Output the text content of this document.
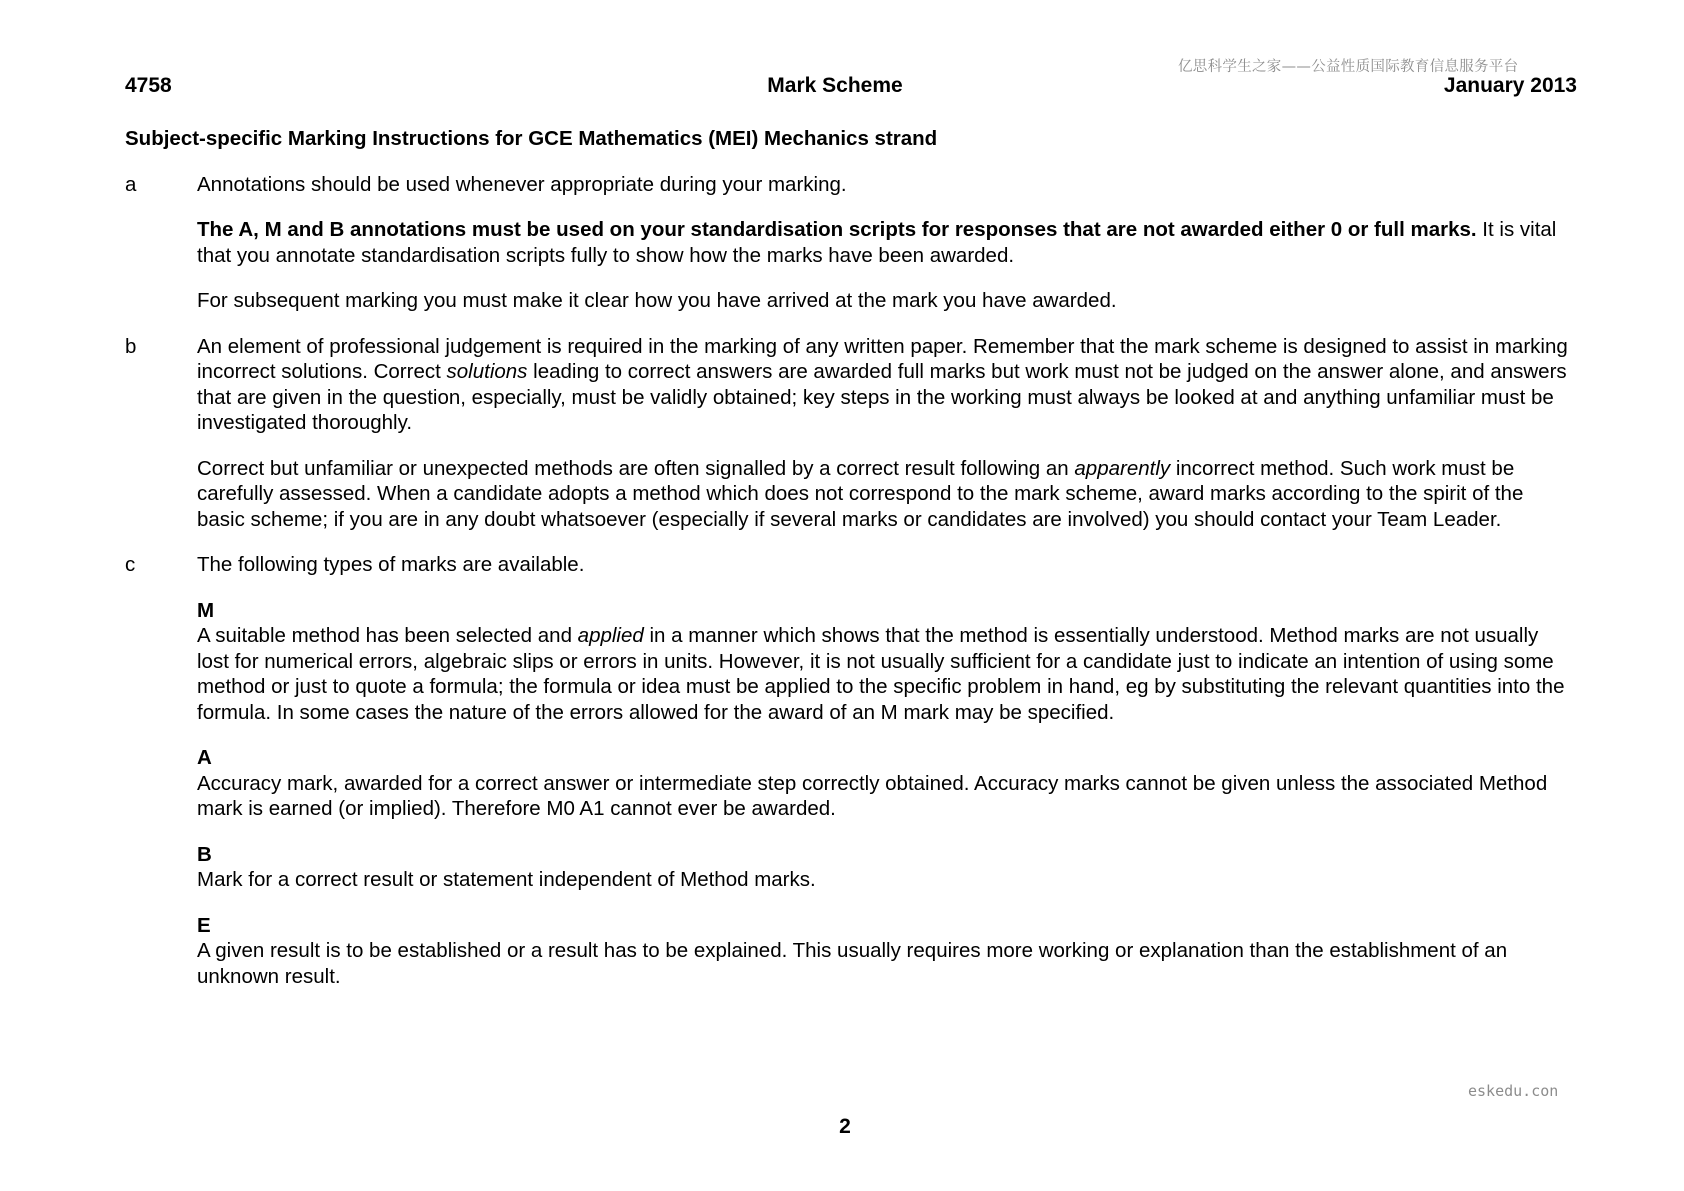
亿思科学生之家——公益性质国际教育信息服务平台
4758	Mark Scheme	January 2013
Subject-specific Marking Instructions for GCE Mathematics (MEI) Mechanics strand
a	Annotations should be used whenever appropriate during your marking.

The A, M and B annotations must be used on your standardisation scripts for responses that are not awarded either 0 or full marks. It is vital that you annotate standardisation scripts fully to show how the marks have been awarded.

For subsequent marking you must make it clear how you have arrived at the mark you have awarded.

b	An element of professional judgement is required in the marking of any written paper. Remember that the mark scheme is designed to assist in marking incorrect solutions. Correct solutions leading to correct answers are awarded full marks but work must not be judged on the answer alone, and answers that are given in the question, especially, must be validly obtained; key steps in the working must always be looked at and anything unfamiliar must be investigated thoroughly.

Correct but unfamiliar or unexpected methods are often signalled by a correct result following an apparently incorrect method. Such work must be carefully assessed. When a candidate adopts a method which does not correspond to the mark scheme, award marks according to the spirit of the basic scheme; if you are in any doubt whatsoever (especially if several marks or candidates are involved) you should contact your Team Leader.

c	The following types of marks are available.

M
A suitable method has been selected and applied in a manner which shows that the method is essentially understood. Method marks are not usually lost for numerical errors, algebraic slips or errors in units. However, it is not usually sufficient for a candidate just to indicate an intention of using some method or just to quote a formula; the formula or idea must be applied to the specific problem in hand, eg by substituting the relevant quantities into the formula. In some cases the nature of the errors allowed for the award of an M mark may be specified.
A
Accuracy mark, awarded for a correct answer or intermediate step correctly obtained. Accuracy marks cannot be given unless the associated Method mark is earned (or implied). Therefore M0 A1 cannot ever be awarded.
B
Mark for a correct result or statement independent of Method marks.
E
A given result is to be established or a result has to be explained. This usually requires more working or explanation than the establishment of an unknown result.
eskedu.con
2
